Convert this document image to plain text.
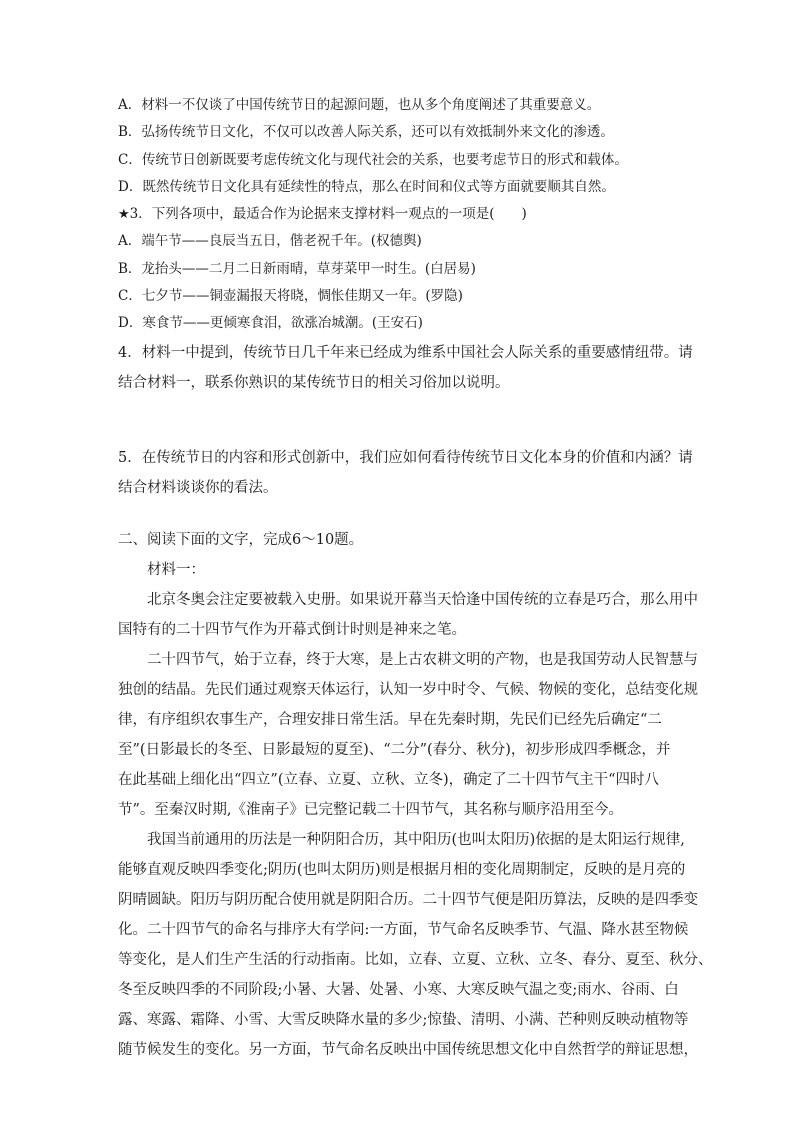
A．材料一不仅谈了中国传统节日的起源问题，也从多个角度阐述了其重要意义。

B．弘扬传统节日文化，不仅可以改善人际关系，还可以有效抵制外来文化的渗透。

C．传统节日创新既要考虑传统文化与现代社会的关系，也要考虑节日的形式和载体。

D．既然传统节日文化具有延续性的特点，那么在时间和仪式等方面就要顺其自然。

★3．下列各项中，最适合作为论据来支撑材料一观点的一项是(　　)

A．端午节——良辰当五日，偕老祝千年。(权德舆)

B．龙抬头——二月二日新雨晴，草芽菜甲一时生。(白居易)

C．七夕节——铜壶漏报天将晓，惆怅佳期又一年。(罗隐)

D．寒食节——更倾寒食泪，欲涨冶城潮。(王安石)

4．材料一中提到，传统节日几千年来已经成为维系中国社会人际关系的重要感情纽带。请

结合材料一，联系你熟识的某传统节日的相关习俗加以说明。

5．在传统节日的内容和形式创新中，我们应如何看待传统节日文化本身的价值和内涵？请

结合材料谈谈你的看法。

二、阅读下面的文字，完成6～10题。

材料一：

北京冬奥会注定要被载入史册。如果说开幕当天恰逢中国传统的立春是巧合，那么用中

国特有的二十四节气作为开幕式倒计时则是神来之笔。

二十四节气，始于立春，终于大寒，是上古农耕文明的产物，也是我国劳动人民智慧与

独创的结晶。先民们通过观察天体运行，认知一岁中时令、气候、物候的变化，总结变化规

律，有序组织农事生产，合理安排日常生活。早在先秦时期，先民们已经先后确定“二

至”(日影最长的冬至、日影最短的夏至)、“二分”(春分、秋分)，初步形成四季概念，并

在此基础上细化出“四立”(立春、立夏、立秋、立冬)，确定了二十四节气主干“四时八

节”。至秦汉时期,《淮南子》已完整记载二十四节气，其名称与顺序沿用至今。

我国当前通用的历法是一种阴阳合历，其中阳历(也叫太阳历)依据的是太阳运行规律,

能够直观反映四季变化;阴历(也叫太阴历)则是根据月相的变化周期制定，反映的是月亮的

阴晴圆缺。阳历与阴历配合使用就是阴阳合历。二十四节气便是阳历算法，反映的是四季变

化。二十四节气的命名与排序大有学问:一方面，节气命名反映季节、气温、降水甚至物候

等变化，是人们生产生活的行动指南。比如，立春、立夏、立秋、立冬、春分、夏至、秋分、

冬至反映四季的不同阶段;小暑、大暑、处暑、小寒、大寒反映气温之变;雨水、谷雨、白

露、寒露、霜降、小雪、大雪反映降水量的多少;惊蛰、清明、小满、芒种则反映动植物等

随节候发生的变化。另一方面，节气命名反映出中国传统思想文化中自然哲学的辩证思想，
